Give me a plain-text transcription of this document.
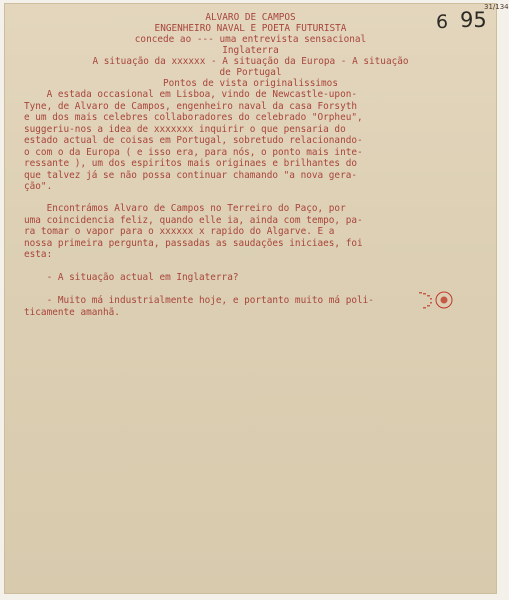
6 95
31/134
ALVARO DE CAMPOS
ENGENHEIRO NAVAL E POETA FUTURISTA
concede ao --- uma entrevista sensacional
Inglaterra
A situação da xxxxxx - A situação da Europa - A situação
de Portugal
Pontos de vista originalissimos
A estada occasional em Lisboa, vindo de Newcastle-upon-
Tyne, de Alvaro de Campos, engenheiro naval da casa Forsyth
e um dos mais celebres collaboradores do celebrado "Orpheu",
suggeriu-nos a idea de xxxxxxx inquirir o que pensaria do
estado actual de coisas em Portugal, sobretudo relacionando-
o com o da Europa ( e isso era, para nós, o ponto mais inte-
ressante ), um dos espiritos mais originaes e brilhantes do
que talvez já se não possa continuar chamando "a nova gera-
ção".
Encontrámos Alvaro de Campos no Terreiro do Paço, por
uma coincidencia feliz, quando elle ia, ainda com tempo, pa-
ra tomar o vapor para o xxxxxx x rapido do Algarve. E a
nossa primeira pergunta, passadas as saudações iniciaes, foi
esta:
- A situação actual em Inglaterra?
- Muito má industrialmente hoje, e portanto muito má poli-
ticamente amanhã.
